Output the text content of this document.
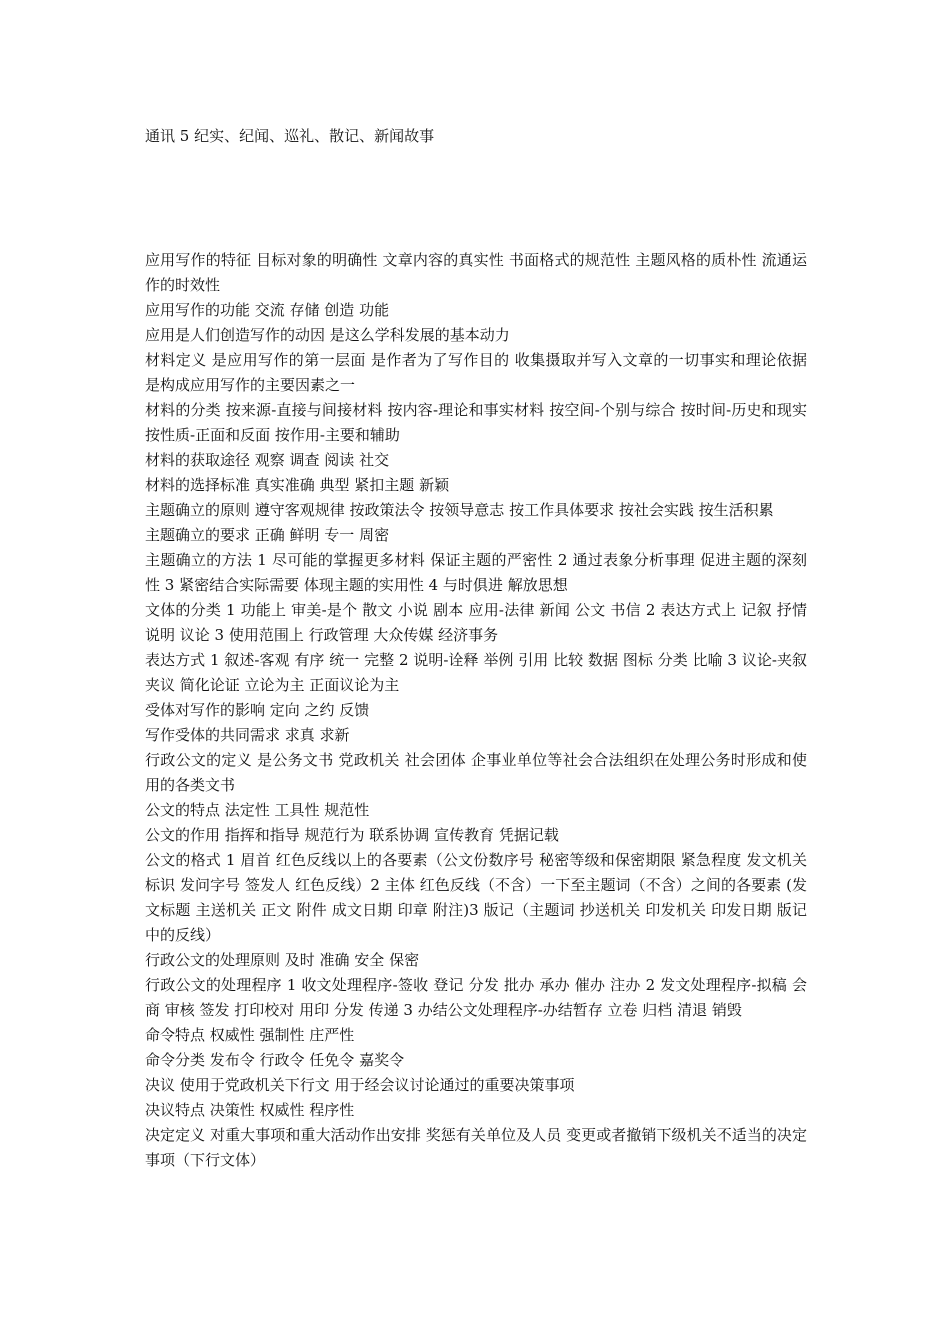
通讯 5 纪实、纪闻、巡礼、散记、新闻故事

应用写作的特征 目标对象的明确性 文章内容的真实性 书面格式的规范性 主题风格的质朴性 流通运作的时效性

应用写作的功能 交流 存储 创造 功能

应用是人们创造写作的动因 是这么学科发展的基本动力

材料定义 是应用写作的第一层面 是作者为了写作目的 收集摄取并写入文章的一切事实和理论依据 是构成应用写作的主要因素之一

材料的分类 按来源-直接与间接材料 按内容-理论和事实材料 按空间-个别与综合 按时间-历史和现实 按性质-正面和反面 按作用-主要和辅助

材料的获取途径 观察 调查 阅读 社交

材料的选择标准 真实准确 典型 紧扣主题 新颖

主题确立的原则 遵守客观规律 按政策法令 按领导意志 按工作具体要求 按社会实践 按生活积累

主题确立的要求 正确 鲜明 专一 周密

主题确立的方法 1 尽可能的掌握更多材料 保证主题的严密性 2 通过表象分析事理 促进主题的深刻性 3 紧密结合实际需要 体现主题的实用性 4 与时俱进 解放思想

文体的分类 1 功能上 审美-是个 散文 小说 剧本 应用-法律 新闻 公文 书信 2 表达方式上 记叙 抒情 说明 议论 3 使用范围上 行政管理 大众传媒 经济事务

表达方式 1 叙述-客观 有序 统一 完整 2 说明-诠释 举例 引用 比较 数据 图标 分类 比喻 3 议论-夹叙夹议 简化论证 立论为主 正面议论为主

受体对写作的影响 定向 之约 反馈

写作受体的共同需求 求真 求新

行政公文的定义 是公务文书 党政机关 社会团体 企事业单位等社会合法组织在处理公务时形成和使用的各类文书

公文的特点 法定性 工具性 规范性

公文的作用 指挥和指导 规范行为 联系协调 宣传教育 凭据记载

公文的格式 1 眉首 红色反线以上的各要素（公文份数序号 秘密等级和保密期限 紧急程度 发文机关标识 发问字号 签发人 红色反线）2 主体 红色反线（不含）一下至主题词（不含）之间的各要素 (发文标题 主送机关 正文 附件 成文日期 印章 附注)3 版记（主题词 抄送机关 印发机关 印发日期 版记中的反线）

行政公文的处理原则 及时 准确 安全 保密

行政公文的处理程序 1 收文处理程序-签收 登记 分发 批办 承办 催办 注办 2 发文处理程序-拟稿 会商 审核 签发 打印校对 用印 分发 传递 3 办结公文处理程序-办结暂存 立卷 归档 清退 销毁

命令特点 权威性 强制性 庄严性

命令分类 发布令 行政令 任免令 嘉奖令

决议 使用于党政机关下行文 用于经会议讨论通过的重要决策事项

决议特点 决策性 权威性 程序性

决定定义 对重大事项和重大活动作出安排 奖惩有关单位及人员 变更或者撤销下级机关不适当的决定事项（下行文体）
